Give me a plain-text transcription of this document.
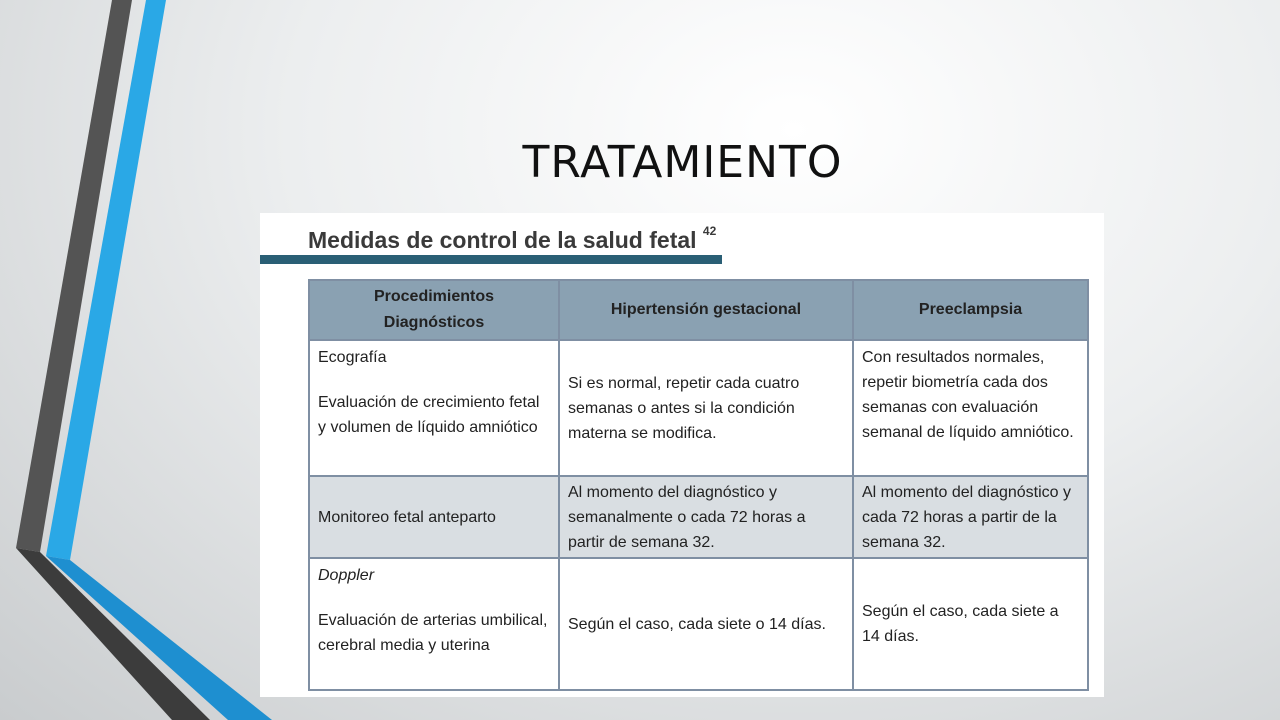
TRATAMIENTO
Medidas de control de la salud fetal $^{42}$
Procedimientos
Diagnósticos	Hipertensión gestacional	Preeclampsia

Ecografía
Evaluación de crecimiento fetal y volumen de líquido amniótico	Si es normal, repetir cada cuatro semanas o antes si la condición materna se modifica.	Con resultados normales, repetir biometría cada dos semanas con evaluación semanal de líquido amniótico.
Monitoreo fetal anteparto	Al momento del diagnóstico y semanalmente o cada 72 horas a partir de semana 32.	Al momento del diagnóstico y cada 72 horas a partir de la semana 32.

Doppler
Evaluación de arterias umbilical, cerebral media y uterina	Según el caso, cada siete o 14 días.	Según el caso, cada siete a 14 días.
